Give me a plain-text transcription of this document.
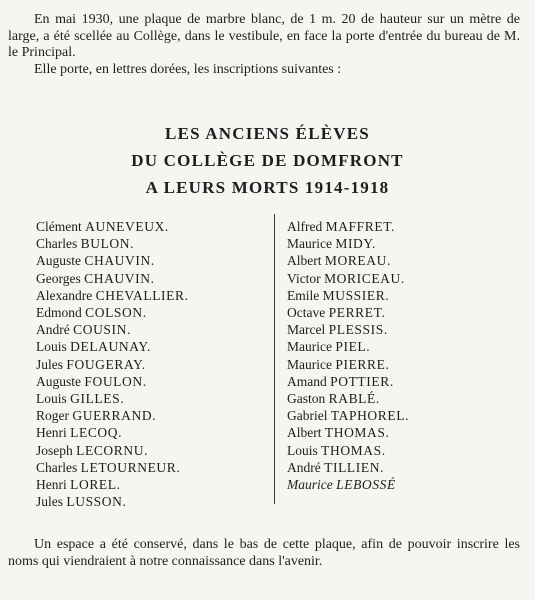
En mai 1930, une plaque de marbre blanc, de 1 m. 20 de hauteur sur un mètre de large, a été scellée au Collège, dans le vestibule, en face la porte d'entrée du bureau de M. le Principal.

Elle porte, en lettres dorées, les inscriptions suivantes :

LES ANCIENS ÉLÈVES
DU COLLÈGE DE DOMFRONT
A LEURS MORTS 1914-1918
Clément AUNEVEUX.
Charles BULON.
Auguste CHAUVIN.
Georges CHAUVIN.
Alexandre CHEVALLIER.
Edmond COLSON.
André COUSIN.
Louis DELAUNAY.
Jules FOUGERAY.
Auguste FOULON.
Louis GILLES.
Roger GUERRAND.
Henri LECOQ.
Joseph LECORNU.
Charles LETOURNEUR.
Henri LOREL.
Jules LUSSON.
Alfred MAFFRET.
Maurice MIDY.
Albert MOREAU.
Victor MORICEAU.
Emile MUSSIER.
Octave PERRET.
Marcel PLESSIS.
Maurice PIEL.
Maurice PIERRE.
Amand POTTIER.
Gaston RABLÉ.
Gabriel TAPHOREL.
Albert THOMAS.
Louis THOMAS.
André TILLIEN.
Maurice LEBOSSÉ

Un espace a été conservé, dans le bas de cette plaque, afin de pouvoir inscrire les noms qui viendraient à notre connaissance dans l'avenir.
